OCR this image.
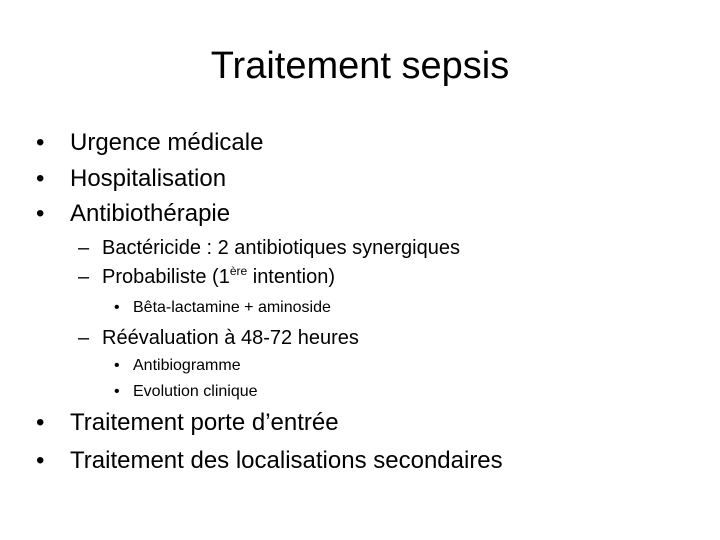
Traitement sepsis
• Urgence médicale

• Hospitalisation

• Antibiothérapie

– Bactéricide : 2 antibiotiques synergiques

– Probabiliste (1ère intention)

• Bêta-lactamine + aminoside

– Réévaluation à 48-72 heures

• Antibiogramme

• Evolution clinique

• Traitement porte d’entrée

• Traitement des localisations secondaires
